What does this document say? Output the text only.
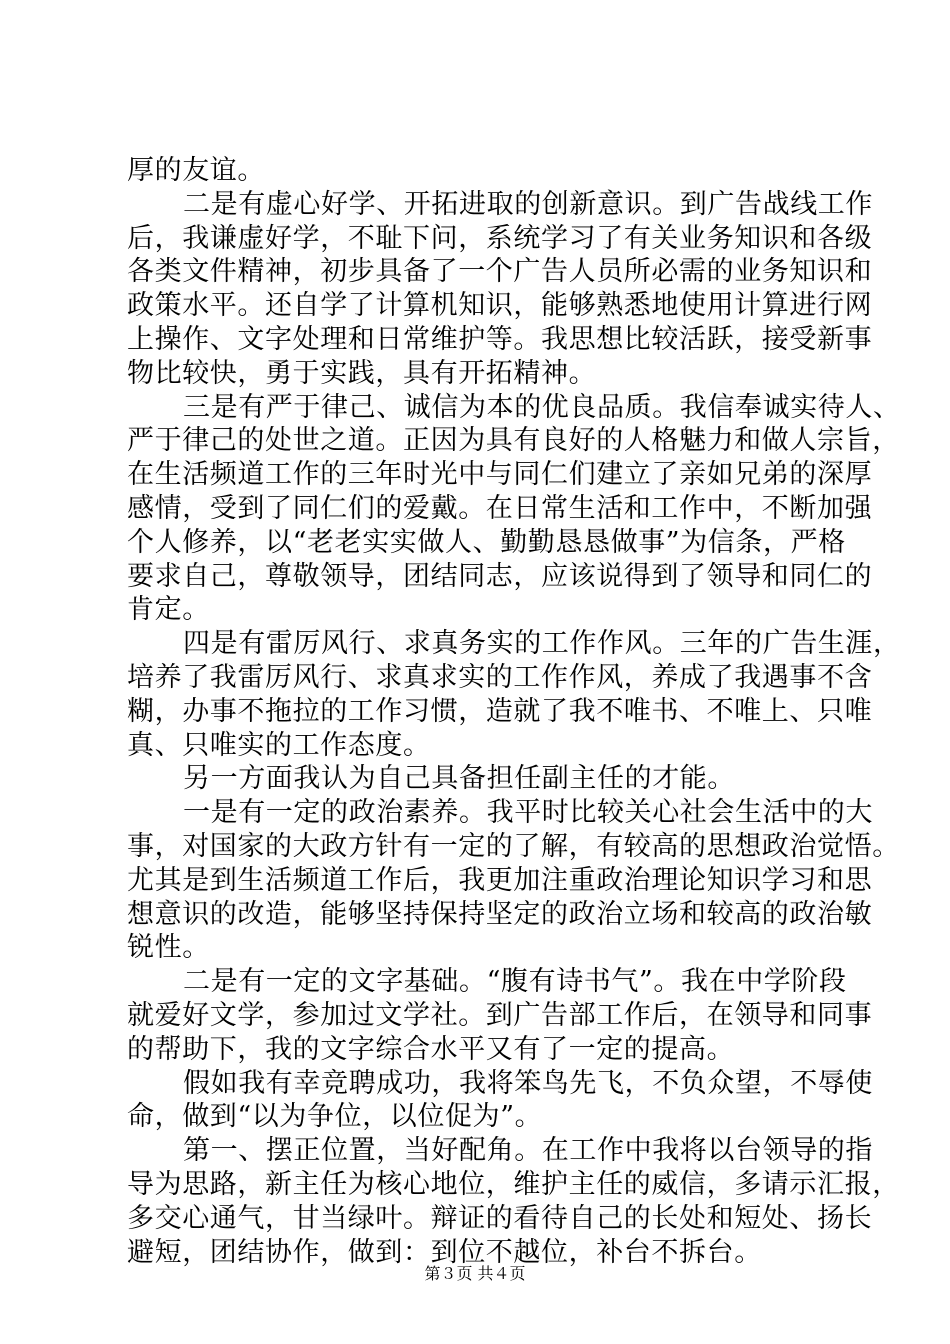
厚的友谊。
二是有虚心好学、开拓进取的创新意识。到广告战线工作
后，我谦虚好学，不耻下问，系统学习了有关业务知识和各级
各类文件精神，初步具备了一个广告人员所必需的业务知识和
政策水平。还自学了计算机知识，能够熟悉地使用计算进行网
上操作、文字处理和日常维护等。我思想比较活跃，接受新事
物比较快，勇于实践，具有开拓精神。
三是有严于律己、诚信为本的优良品质。我信奉诚实待人、
严于律己的处世之道。正因为具有良好的人格魅力和做人宗旨，
在生活频道工作的三年时光中与同仁们建立了亲如兄弟的深厚
感情，受到了同仁们的爱戴。在日常生活和工作中，不断加强
个人修养，以“老老实实做人、勤勤恳恳做事”为信条，严格
要求自己，尊敬领导，团结同志，应该说得到了领导和同仁的
肯定。
四是有雷厉风行、求真务实的工作作风。三年的广告生涯，
培养了我雷厉风行、求真求实的工作作风，养成了我遇事不含
糊，办事不拖拉的工作习惯，造就了我不唯书、不唯上、只唯
真、只唯实的工作态度。
另一方面我认为自己具备担任副主任的才能。
一是有一定的政治素养。我平时比较关心社会生活中的大
事，对国家的大政方针有一定的了解，有较高的思想政治觉悟。
尤其是到生活频道工作后，我更加注重政治理论知识学习和思
想意识的改造，能够坚持保持坚定的政治立场和较高的政治敏
锐性。
二是有一定的文字基础。“腹有诗书气”。我在中学阶段
就爱好文学，参加过文学社。到广告部工作后，在领导和同事
的帮助下，我的文字综合水平又有了一定的提高。
假如我有幸竞聘成功，我将笨鸟先飞，不负众望，不辱使
命，做到“以为争位，以位促为”。
第一、摆正位置，当好配角。在工作中我将以台领导的指
导为思路，新主任为核心地位，维护主任的威信，多请示汇报，
多交心通气，甘当绿叶。辩证的看待自己的长处和短处、扬长
避短，团结协作，做到：到位不越位，补台不拆台。
第３页 共４页
